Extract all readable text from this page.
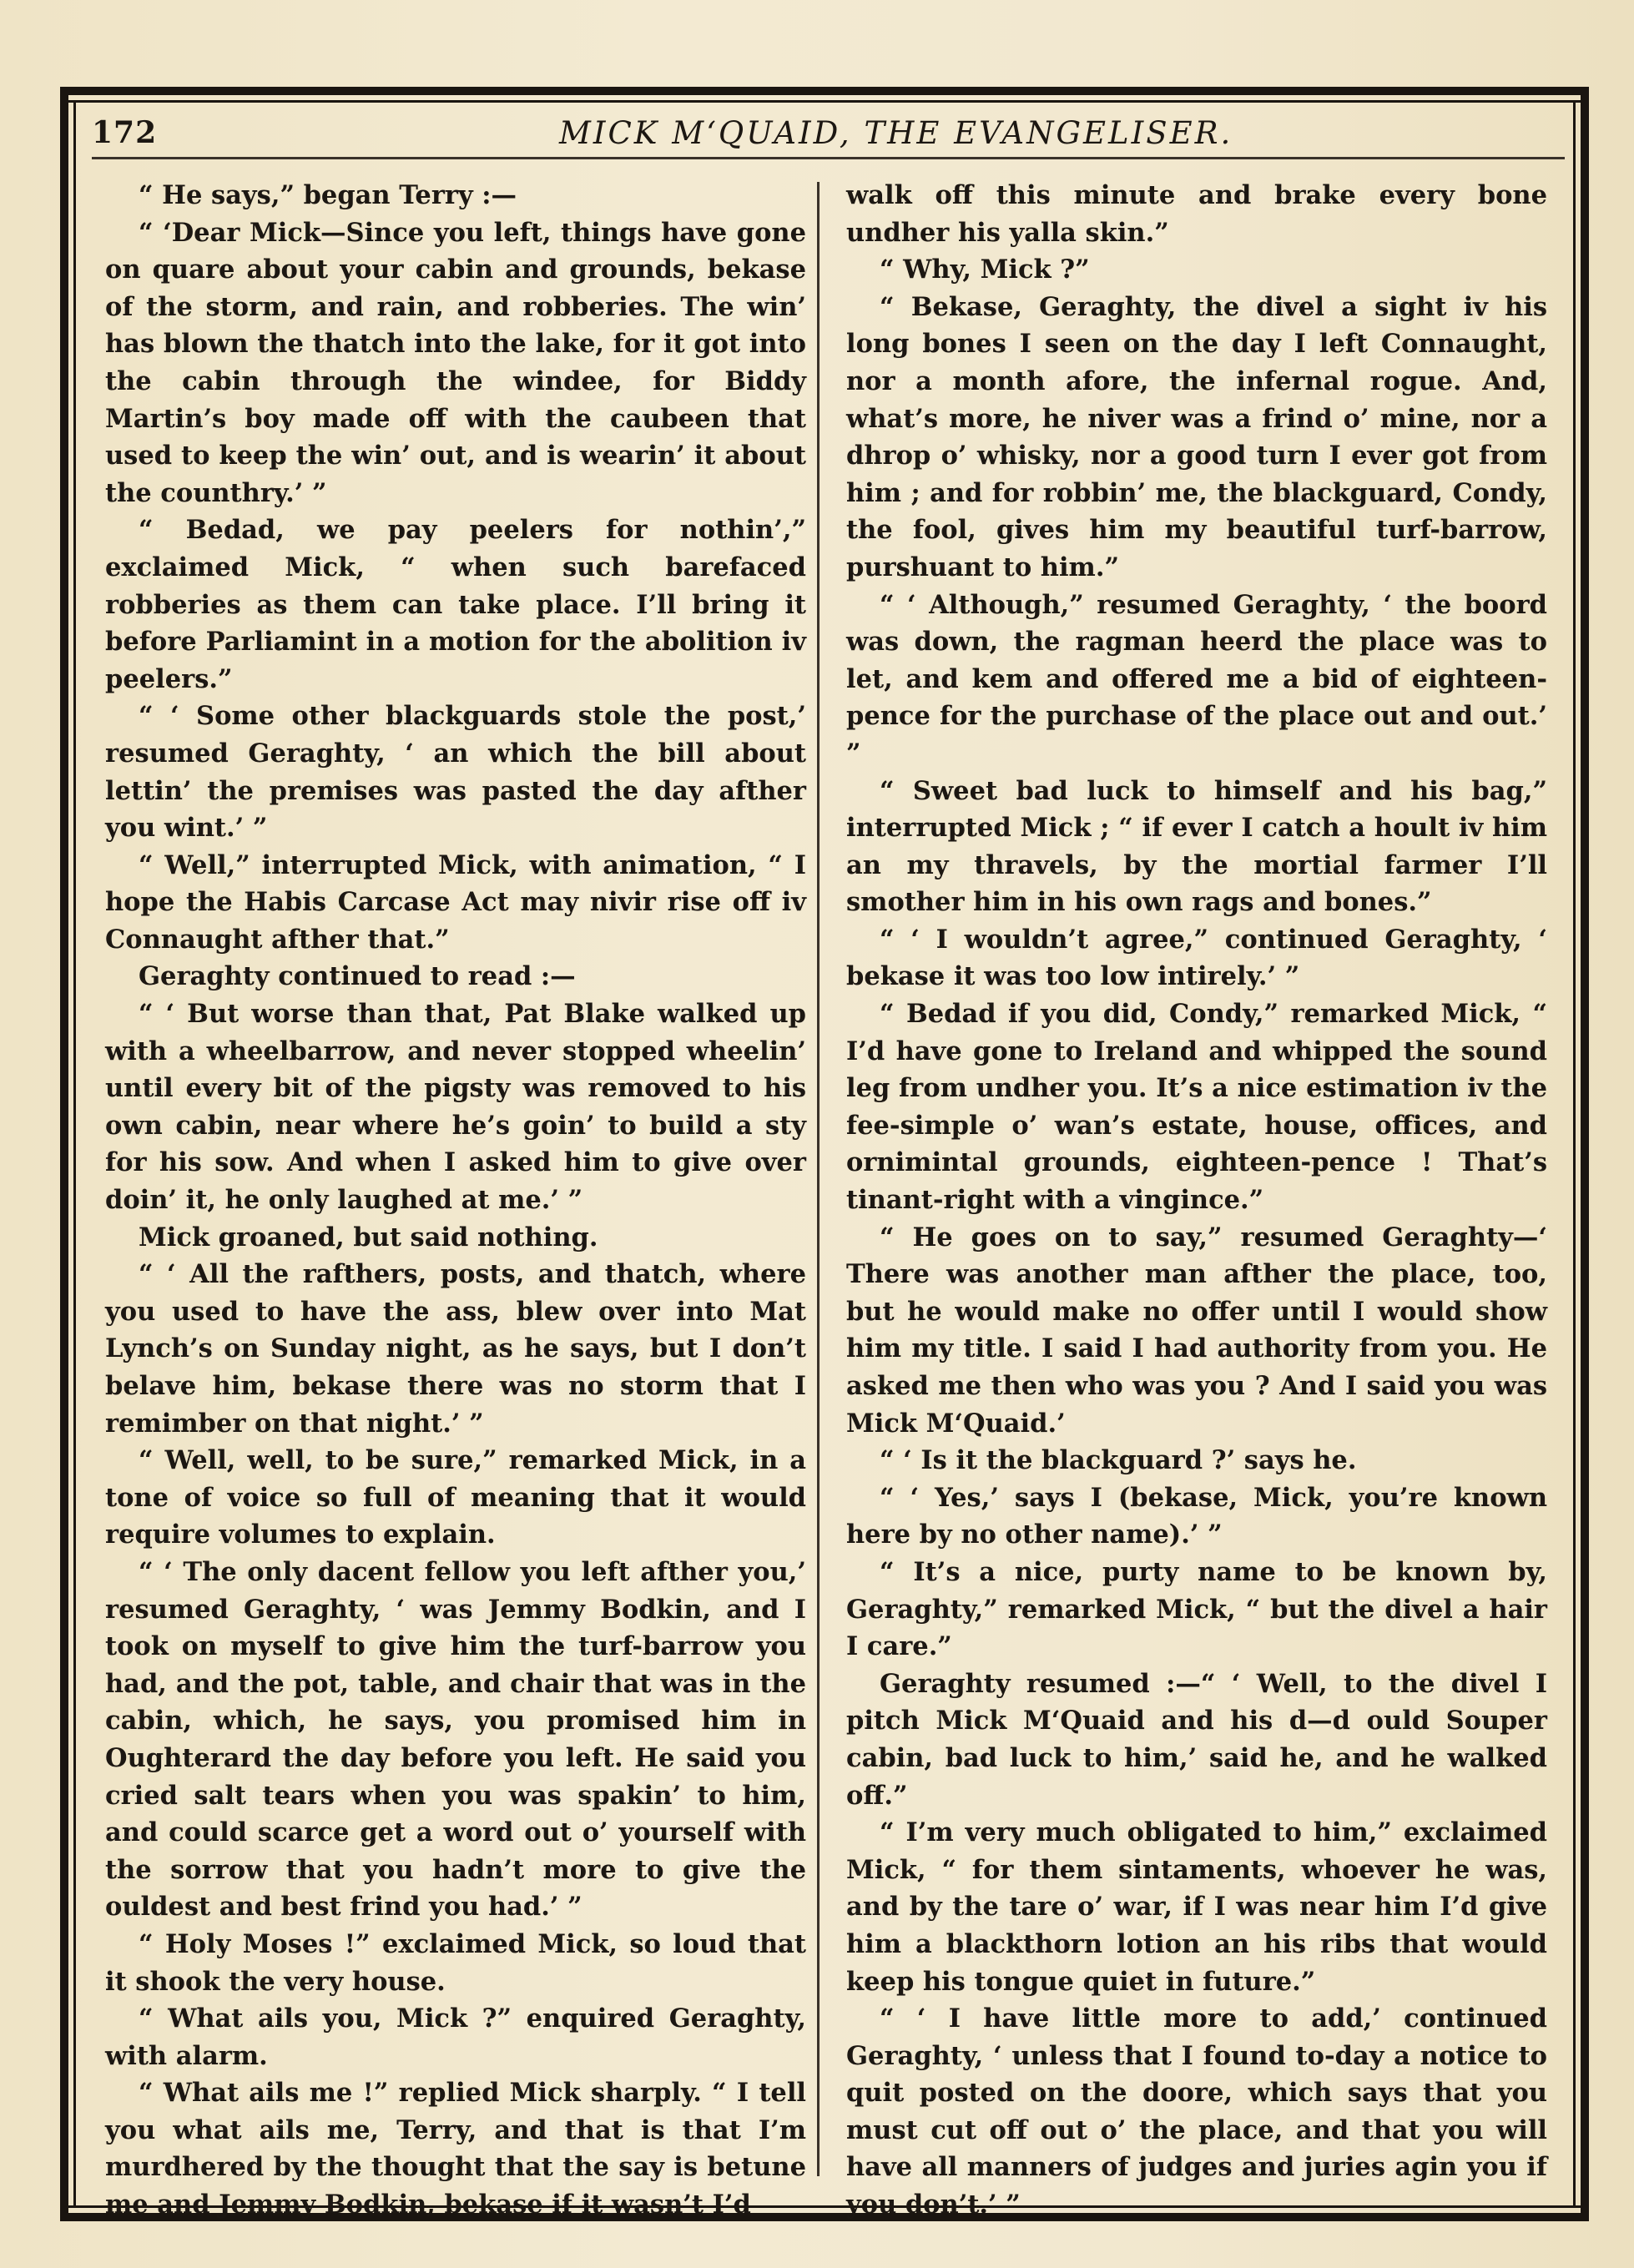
172	MICK M‘QUAID, THE EVANGELISER.

“ He says,” began Terry :—

“ ‘Dear Mick—Since you left, things have gone on quare about your cabin and grounds, bekase of the storm, and rain, and robberies. The win’ has blown the thatch into the lake, for it got into the cabin through the windee, for Biddy Martin’s boy made off with the caubeen that used to keep the win’ out, and is wearin’ it about the counthry.’ ”

“ Bedad, we pay peelers for nothin’,” exclaimed Mick, “ when such barefaced robberies as them can take place. I’ll bring it before Parliamint in a motion for the abolition iv peelers.”

“ ‘ Some other blackguards stole the post,’ resumed Geraghty, ‘ an which the bill about lettin’ the premises was pasted the day afther you wint.’ ”

“ Well,” interrupted Mick, with animation, “ I hope the Habis Carcase Act may nivir rise off iv Connaught afther that.”

Geraghty continued to read :—

“ ‘ But worse than that, Pat Blake walked up with a wheelbarrow, and never stopped wheelin’ until every bit of the pigsty was removed to his own cabin, near where he’s goin’ to build a sty for his sow. And when I asked him to give over doin’ it, he only laughed at me.’ ”

Mick groaned, but said nothing.

“ ‘ All the rafthers, posts, and thatch, where you used to have the ass, blew over into Mat Lynch’s on Sunday night, as he says, but I don’t belave him, bekase there was no storm that I remimber on that night.’ ”

“ Well, well, to be sure,” remarked Mick, in a tone of voice so full of meaning that it would require volumes to explain.

“ ‘ The only dacent fellow you left afther you,’ resumed Geraghty, ‘ was Jemmy Bodkin, and I took on myself to give him the turf-barrow you had, and the pot, table, and chair that was in the cabin, which, he says, you promised him in Oughterard the day before you left. He said you cried salt tears when you was spakin’ to him, and could scarce get a word out o’ yourself with the sorrow that you hadn’t more to give the ouldest and best frind you had.’ ”

“ Holy Moses !” exclaimed Mick, so loud that it shook the very house.

“ What ails you, Mick ?” enquired Geraghty, with alarm.

“ What ails me !” replied Mick sharply. “ I tell you what ails me, Terry, and that is that I’m murdhered by the thought that the say is betune me and Jemmy Bodkin, bekase if it wasn’t I’d

walk off this minute and brake every bone undher his yalla skin.”

“ Why, Mick ?”

“ Bekase, Geraghty, the divel a sight iv his long bones I seen on the day I left Connaught, nor a month afore, the infernal rogue. And, what’s more, he niver was a frind o’ mine, nor a dhrop o’ whisky, nor a good turn I ever got from him ; and for robbin’ me, the blackguard, Condy, the fool, gives him my beautiful turf-barrow, purshuant to him.”

“ ‘ Although,” resumed Geraghty, ‘ the boord was down, the ragman heerd the place was to let, and kem and offered me a bid of eighteen-pence for the purchase of the place out and out.’ ”

“ Sweet bad luck to himself and his bag,” interrupted Mick ; “ if ever I catch a hoult iv him an my thravels, by the mortial farmer I’ll smother him in his own rags and bones.”

“ ‘ I wouldn’t agree,” continued Geraghty, ‘ bekase it was too low intirely.’ ”

“ Bedad if you did, Condy,” remarked Mick, “ I’d have gone to Ireland and whipped the sound leg from undher you. It’s a nice estimation iv the fee-simple o’ wan’s estate, house, offices, and ornimintal grounds, eighteen-pence ! That’s tinant-right with a vingince.”

“ He goes on to say,” resumed Geraghty—‘ There was another man afther the place, too, but he would make no offer until I would show him my title. I said I had authority from you. He asked me then who was you ? And I said you was Mick M‘Quaid.’

“ ‘ Is it the blackguard ?’ says he.

“ ‘ Yes,’ says I (bekase, Mick, you’re known here by no other name).’ ”

“ It’s a nice, purty name to be known by, Geraghty,” remarked Mick, “ but the divel a hair I care.”

Geraghty resumed :—“ ‘ Well, to the divel I pitch Mick M‘Quaid and his d—d ould Souper cabin, bad luck to him,’ said he, and he walked off.”

“ I’m very much obligated to him,” exclaimed Mick, “ for them sintaments, whoever he was, and by the tare o’ war, if I was near him I’d give him a blackthorn lotion an his ribs that would keep his tongue quiet in future.”

“ ‘ I have little more to add,’ continued Geraghty, ‘ unless that I found to-day a notice to quit posted on the doore, which says that you must cut off out o’ the place, and that you will have all manners of judges and juries agin you if you don’t.’ ”
